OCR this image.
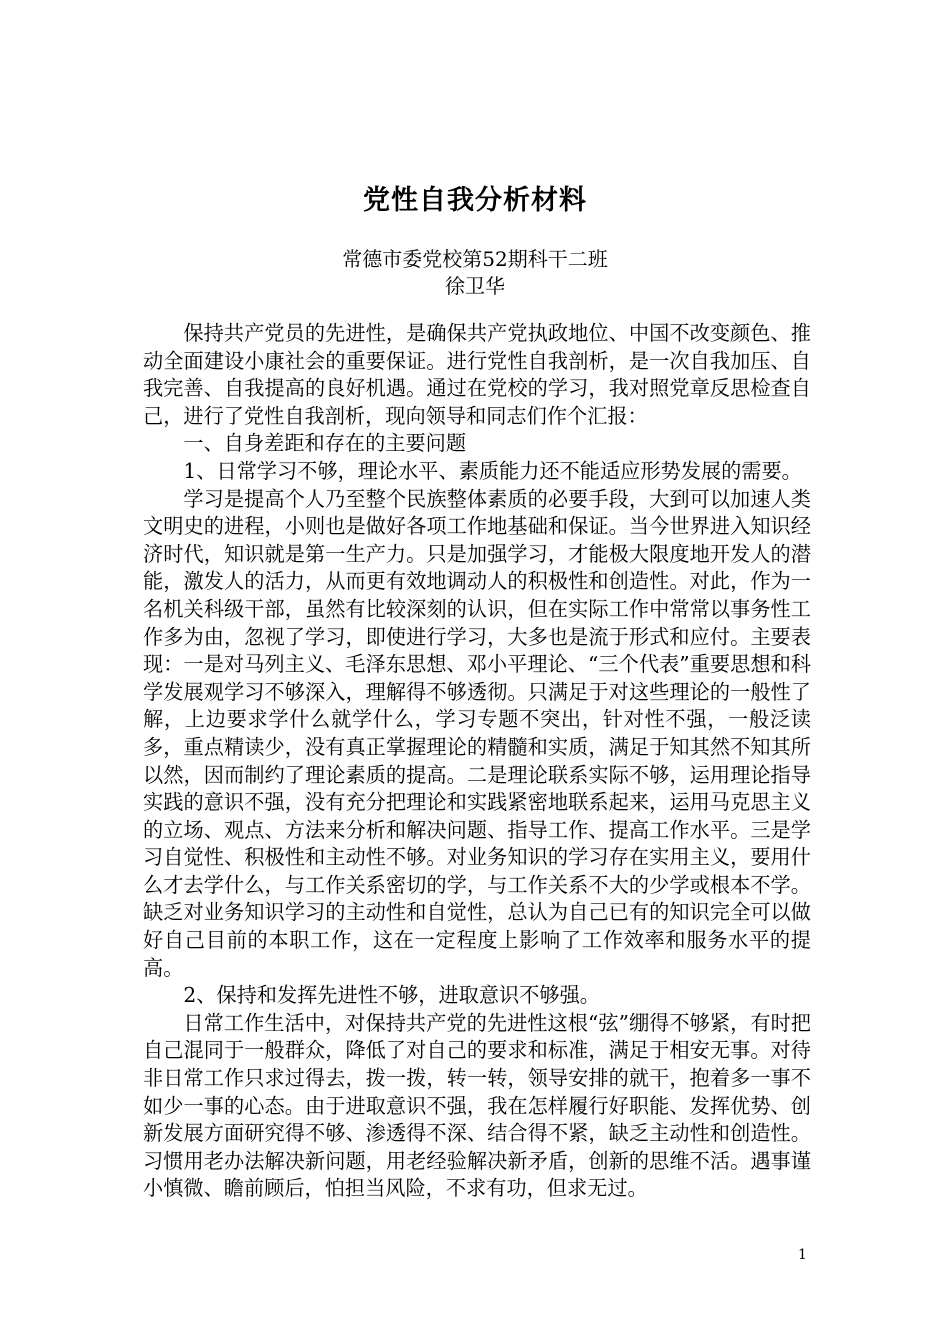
党性自我分析材料
常德市委党校第52期科干二班
徐卫华

保持共产党员的先进性，是确保共产党执政地位、中国不改变颜色、推动全面建设小康社会的重要保证。进行党性自我剖析，是一次自我加压、自我完善、自我提高的良好机遇。通过在党校的学习，我对照党章反思检查自己，进行了党性自我剖析，现向领导和同志们作个汇报：

一、自身差距和存在的主要问题

1、日常学习不够，理论水平、素质能力还不能适应形势发展的需要。

学习是提高个人乃至整个民族整体素质的必要手段，大到可以加速人类文明史的进程，小则也是做好各项工作地基础和保证。当今世界进入知识经济时代，知识就是第一生产力。只是加强学习，才能极大限度地开发人的潜能，激发人的活力，从而更有效地调动人的积极性和创造性。对此，作为一名机关科级干部，虽然有比较深刻的认识，但在实际工作中常常以事务性工作多为由，忽视了学习，即使进行学习，大多也是流于形式和应付。主要表现：一是对马列主义、毛泽东思想、邓小平理论、“三个代表”重要思想和科学发展观学习不够深入，理解得不够透彻。只满足于对这些理论的一般性了解，上边要求学什么就学什么，学习专题不突出，针对性不强，一般泛读多，重点精读少，没有真正掌握理论的精髓和实质，满足于知其然不知其所以然，因而制约了理论素质的提高。二是理论联系实际不够，运用理论指导实践的意识不强，没有充分把理论和实践紧密地联系起来，运用马克思主义的立场、观点、方法来分析和解决问题、指导工作、提高工作水平。三是学习自觉性、积极性和主动性不够。对业务知识的学习存在实用主义，要用什么才去学什么，与工作关系密切的学，与工作关系不大的少学或根本不学。缺乏对业务知识学习的主动性和自觉性，总认为自己已有的知识完全可以做好自己目前的本职工作，这在一定程度上影响了工作效率和服务水平的提高。

2、保持和发挥先进性不够，进取意识不够强。

日常工作生活中，对保持共产党的先进性这根“弦”绷得不够紧，有时把自己混同于一般群众，降低了对自己的要求和标准，满足于相安无事。对待非日常工作只求过得去，拨一拨，转一转，领导安排的就干，抱着多一事不如少一事的心态。由于进取意识不强，我在怎样履行好职能、发挥优势、创新发展方面研究得不够、渗透得不深、结合得不紧，缺乏主动性和创造性。习惯用老办法解决新问题，用老经验解决新矛盾，创新的思维不活。遇事谨小慎微、瞻前顾后，怕担当风险，不求有功，但求无过。

1
